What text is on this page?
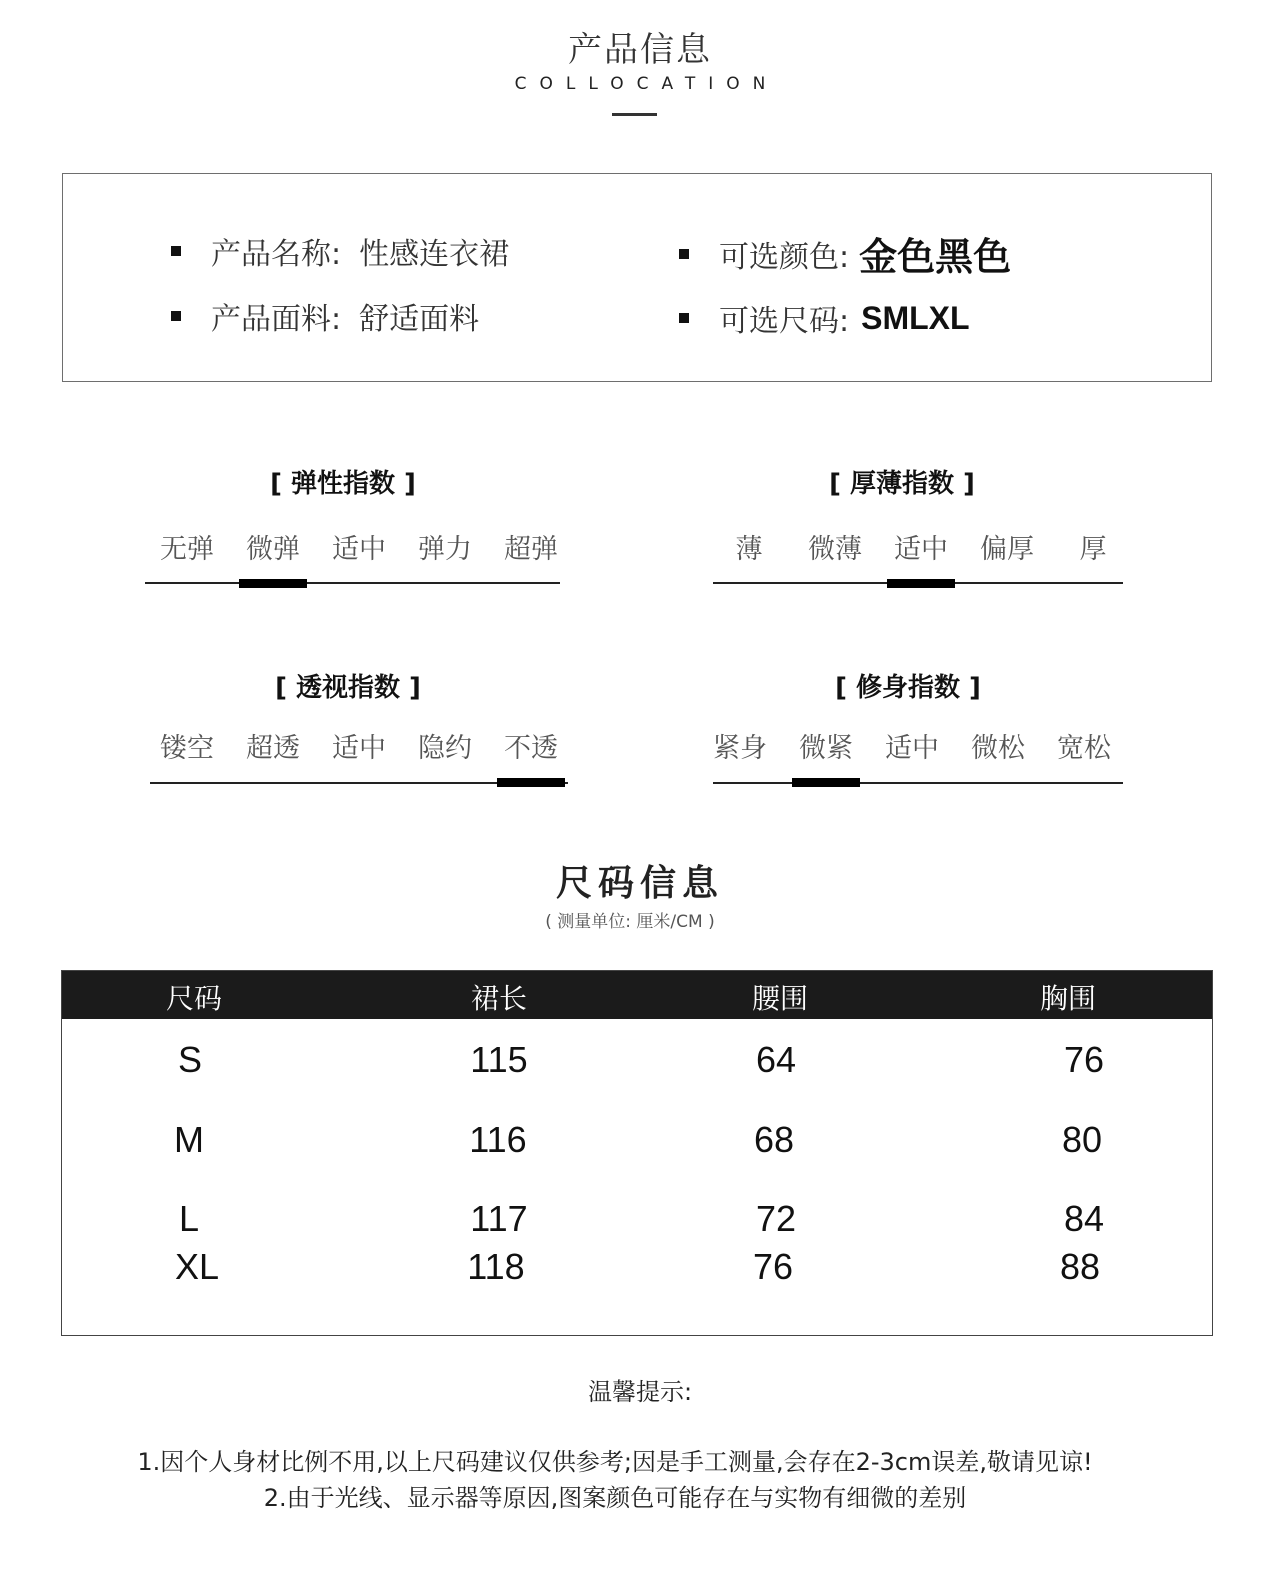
产品信息
COLLOCATION
产品名称: 性感连衣裙
产品面料: 舒适面料
可选颜色: 金色黑色
可选尺码: SMLXL
[ 弹性指数 ]
无弹	微弹	适中	弹力	超弹
[ 厚薄指数 ]
薄	微薄	适中	偏厚	厚
[ 透视指数 ]
镂空	超透	适中	隐约	不透
[ 修身指数 ]
紧身	微紧	适中	微松	宽松
尺码信息
( 测量单位: 厘米/CM )
尺码	裙长	腰围	胸围
S	115	64	76
M	116	68	80
L	117	72	84
XL	118	76	88
温馨提示:
1.因个人身材比例不用,以上尺码建议仅供参考;因是手工测量,会存在2-3cm误差,敬请见谅!
2.由于光线、显示器等原因,图案颜色可能存在与实物有细微的差别
